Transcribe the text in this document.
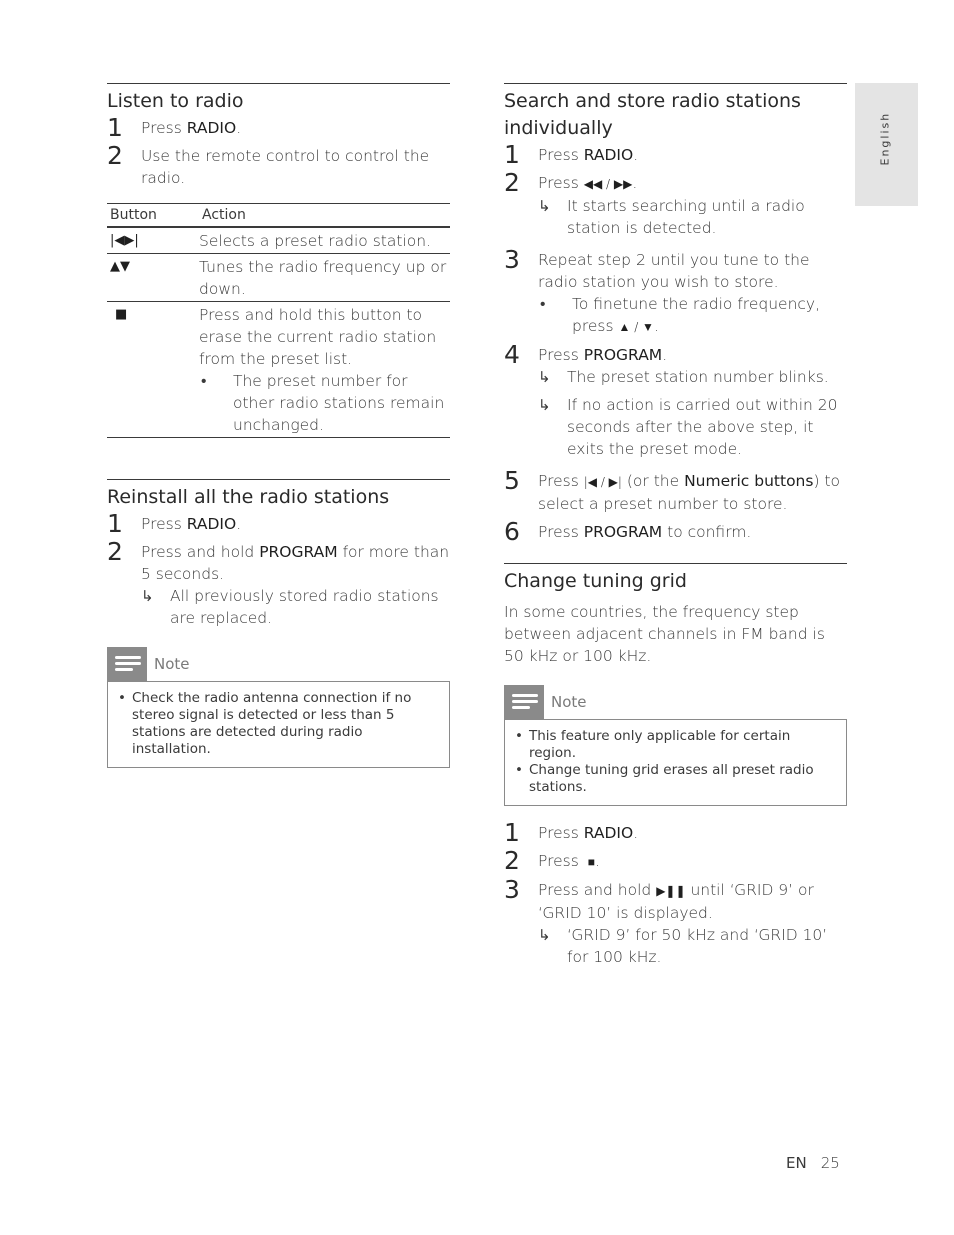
English
Listen to radio
1 Press RADIO.
2 Use the remote control to control the radio.
Button	Action
|◀▶|	Selects a preset radio station.
▲▼	Tunes the radio frequency up or down.
■	Press and hold this button to erase the current radio station from the preset list.
• The preset number for other radio stations remain unchanged.
Reinstall all the radio stations
1 Press RADIO.
2 Press and hold PROGRAM for more than 5 seconds.
↳ All previously stored radio stations are replaced.
Note
• Check the radio antenna connection if no stereo signal is detected or less than 5 stations are detected during radio installation.
Search and store radio stations individually
1 Press RADIO.
2 Press ◀◀ / ▶▶.
↳ It starts searching until a radio station is detected.
3 Repeat step 2 until you tune to the radio station you wish to store.
• To finetune the radio frequency, press ▲ / ▼.
4 Press PROGRAM.
↳ The preset station number blinks.
↳ If no action is carried out within 20 seconds after the above step, it exits the preset mode.
5 Press |◀ / ▶| (or the Numeric buttons) to select a preset number to store.
6 Press PROGRAM to confirm.
Change tuning grid

In some countries, the frequency step between adjacent channels in FM band is 50 kHz or 100 kHz.

Note
• This feature only applicable for certain region.
• Change tuning grid erases all preset radio stations.
1 Press RADIO.
2 Press ■.
3 Press and hold ▶❚❚ until ‘GRID 9’ or ‘GRID 10’ is displayed.
↳ ‘GRID 9’ for 50 kHz and ‘GRID 10’ for 100 kHz.
EN 25
